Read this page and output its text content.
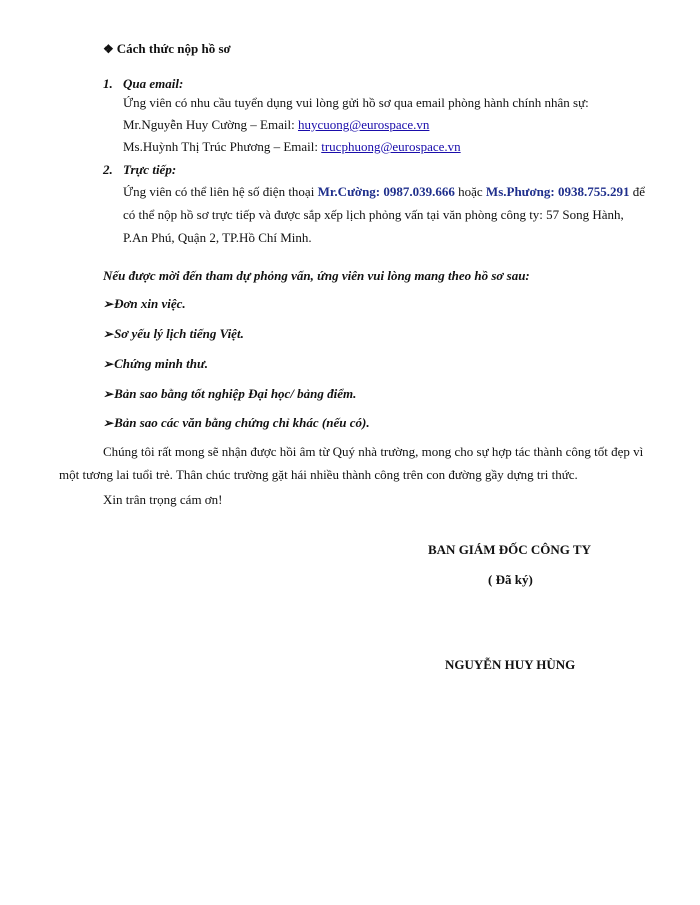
❖ Cách thức nộp hồ sơ
1. Qua email:
Ứng viên có nhu cầu tuyển dụng vui lòng gửi hồ sơ qua email phòng hành chính nhân sự:
Mr.Nguyễn Huy Cường – Email: huycuong@eurospace.vn
Ms.Huỳnh Thị Trúc Phương – Email: trucphuong@eurospace.vn
2. Trực tiếp:
Ứng viên có thể liên hệ số điện thoại Mr.Cường: 0987.039.666 hoặc Ms.Phương: 0938.755.291 để
có thể nộp hồ sơ trực tiếp và được sắp xếp lịch phỏng vấn tại văn phòng công ty: 57 Song Hành,
P.An Phú, Quận 2, TP.Hồ Chí Minh.
Nếu được mời đến tham dự phỏng vấn, ứng viên vui lòng mang theo hồ sơ sau:
➢Đơn xin việc.
➢Sơ yếu lý lịch tiếng Việt.
➢Chứng minh thư.
➢Bản sao bằng tốt nghiệp Đại học/ bảng điểm.
➢Bản sao các văn bằng chứng chỉ khác (nếu có).
Chúng tôi rất mong sẽ nhận được hồi âm từ Quý nhà trường, mong cho sự hợp tác thành công tốt đẹp vì
một tương lai tuổi trẻ. Thân chúc trường gặt hái nhiều thành công trên con đường gầy dựng tri thức.
Xin trân trọng cám ơn!
BAN GIÁM ĐỐC CÔNG TY
( Đã ký)
NGUYỄN HUY HÙNG
